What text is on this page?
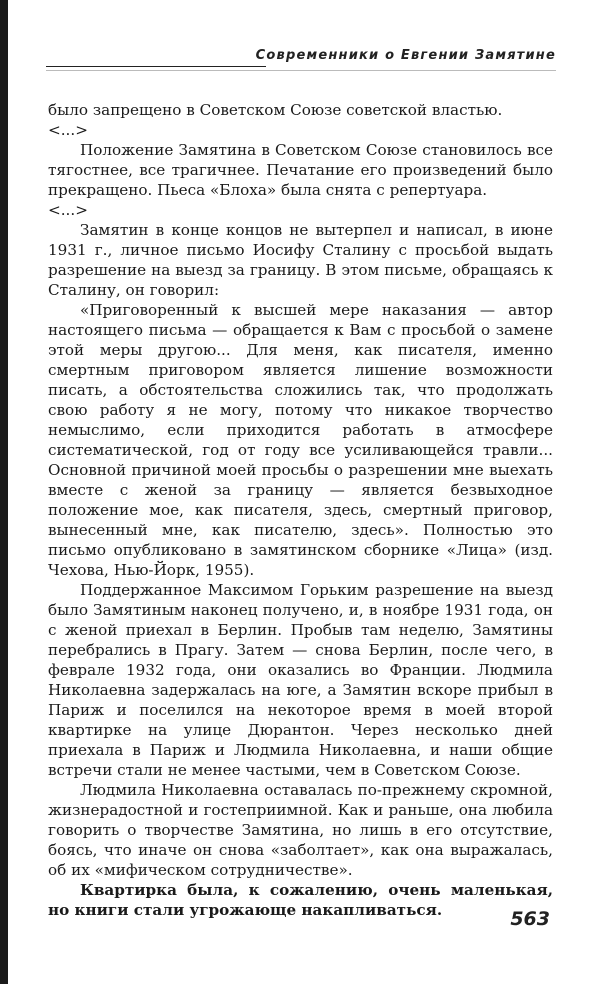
Современники о Евгении Замятине

было запрещено в Советском Союзе советской властью.

<...>

Положение Замятина в Советском Союзе становилось все тягостнее, все трагичнее. Печатание его произведений было прекращено. Пьеса «Блоха» была снята с репертуара.

<...>

Замятин в конце концов не вытерпел и написал, в июне 1931 г., личное письмо Иосифу Сталину с просьбой выдать разрешение на выезд за границу. В этом письме, обращаясь к Сталину, он говорил:

«Приговоренный к высшей мере наказания — автор настоящего письма — обращается к Вам с просьбой о замене этой меры другою... Для меня, как писателя, именно смертным приговором является лишение возможности писать, а обстоятельства сложились так, что продолжать свою работу я не могу, потому что никакое творчество немыслимо, если приходится работать в атмосфере систематической, год от году все усиливающейся травли... Основной причиной моей просьбы о разрешении мне выехать вместе с женой за границу — является безвыходное положение мое, как писателя, здесь, смертный приговор, вынесенный мне, как писателю, здесь». Полностью это письмо опубликовано в замятинском сборнике «Лица» (изд. Чехова, Нью-Йорк, 1955).

Поддержанное Максимом Горьким разрешение на выезд было Замятиным наконец получено, и, в ноябре 1931 года, он с женой приехал в Берлин. Пробыв там неделю, Замятины перебрались в Прагу. Затем — снова Берлин, после чего, в феврале 1932 года, они оказались во Франции. Людмила Николаевна задержалась на юге, а Замятин вскоре прибыл в Париж и поселился на некоторое время в моей второй квартирке на улице Дюрантон. Через несколько дней приехала в Париж и Людмила Николаевна, и наши общие встречи стали не менее частыми, чем в Советском Союзе.

Людмила Николаевна оставалась по-прежнему скромной, жизнерадостной и гостеприимной. Как и раньше, она любила говорить о творчестве Замятина, но лишь в его отсутствие, боясь, что иначе он снова «заболтает», как она выражалась, об их «мифическом сотрудничестве».

Квартирка была, к сожалению, очень маленькая, но книги стали угрожающе накапливаться.	563
